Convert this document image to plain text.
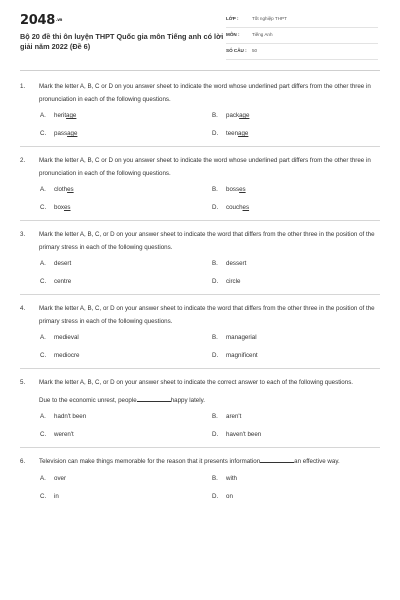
$2048^{.vn}$
Bộ 20 đề thi ôn luyện THPT Quốc gia môn Tiếng anh có lời giải năm 2022 (Đề 6)
LỚP :	Tốt nghiệp THPT
MÔN :	Tiếng Anh
SỐ CÂU :	50
1.	Mark the letter A, B, C or D on you answer sheet to indicate the word whose underlined part differs from the other three in pronunciation in each of the following questions.
A.	heritage	B.	package
C.	passage	D.	teenage
2.	Mark the letter A, B, C or D on you answer sheet to indicate the word whose underlined part differs from the other three in pronunciation in each of the following questions.
A.	clothes	B.	bosses
C.	boxes	D.	couches
3.	Mark the letter A, B, C, or D on your answer sheet to indicate the word that differs from the other three in the position of the primary stress in each of the following questions.
A.	desert	B.	dessert
C.	centre	D.	circle
4.	Mark the letter A, B, C, or D on your answer sheet to indicate the word that differs from the other three in the position of the primary stress in each of the following questions.
A.	medieval	B.	managerial
C.	mediocre	D.	magnificent
5.	Mark the letter A, B, C, or D on your answer sheet to indicate the correct answer to each of the following questions.
Due to the economic unrest, people	happy lately.
A.	hadn't been	B.	aren't
C.	weren't	D.	haven't been
6.	Television can make things memorable for the reason that it presents information	an effective way.
A.	over	B.	with
C.	in	D.	on
